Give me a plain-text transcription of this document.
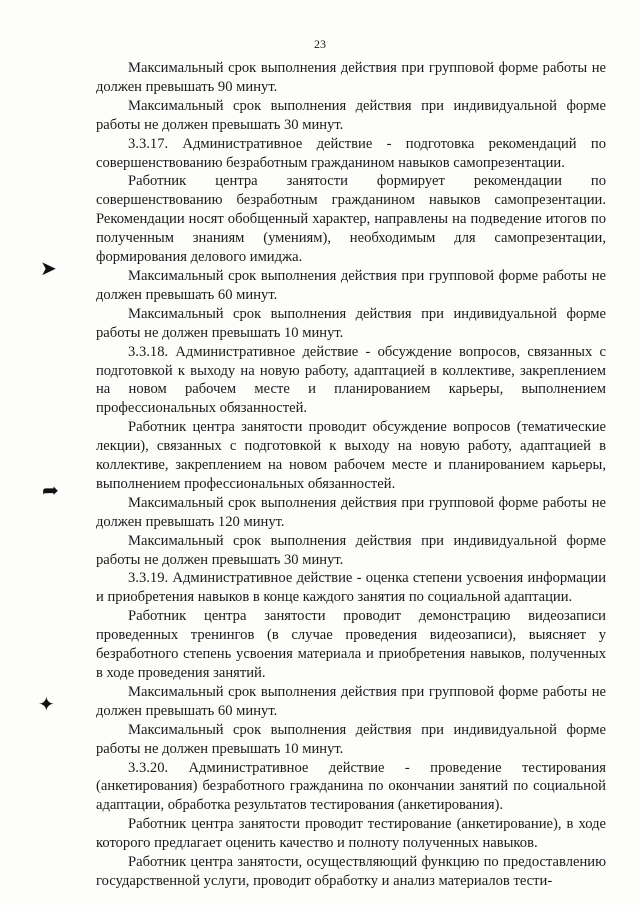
23
➤
➦
✦

Максимальный срок выполнения действия при групповой форме работы не должен превышать 90 минут.

Максимальный срок выполнения действия при индивидуальной форме работы не должен превышать 30 минут.

3.3.17. Административное действие - подготовка рекомендаций по совершенствованию безработным гражданином навыков самопрезентации.

Работник центра занятости формирует рекомендации по совершенствованию безработным гражданином навыков самопрезентации. Рекомендации носят обобщенный характер, направлены на подведение итогов по полученным знаниям (умениям), необходимым для самопрезентации, формирования делового имиджа.

Максимальный срок выполнения действия при групповой форме работы не должен превышать 60 минут.

Максимальный срок выполнения действия при индивидуальной форме работы не должен превышать 10 минут.

3.3.18. Административное действие - обсуждение вопросов, связанных с подготовкой к выходу на новую работу, адаптацией в коллективе, закреплением на новом рабочем месте и планированием карьеры, выполнением профессиональных обязанностей.

Работник центра занятости проводит обсуждение вопросов (тематические лекции), связанных с подготовкой к выходу на новую работу, адаптацией в коллективе, закреплением на новом рабочем месте и планированием карьеры, выполнением профессиональных обязанностей.

Максимальный срок выполнения действия при групповой форме работы не должен превышать 120 минут.

Максимальный срок выполнения действия при индивидуальной форме работы не должен превышать 30 минут.

3.3.19. Административное действие - оценка степени усвоения информации и приобретения навыков в конце каждого занятия по социальной адаптации.

Работник центра занятости проводит демонстрацию видеозаписи проведенных тренингов (в случае проведения видеозаписи), выясняет у безработного степень усвоения материала и приобретения навыков, полученных в ходе проведения занятий.

Максимальный срок выполнения действия при групповой форме работы не должен превышать 60 минут.

Максимальный срок выполнения действия при индивидуальной форме работы не должен превышать 10 минут.

3.3.20. Административное действие - проведение тестирования (анкетирования) безработного гражданина по окончании занятий по социальной адаптации, обработка результатов тестирования (анкетирования).

Работник центра занятости проводит тестирование (анкетирование), в ходе которого предлагает оценить качество и полноту полученных навыков.

Работник центра занятости, осуществляющий функцию по предоставлению государственной услуги, проводит обработку и анализ материалов тести-
